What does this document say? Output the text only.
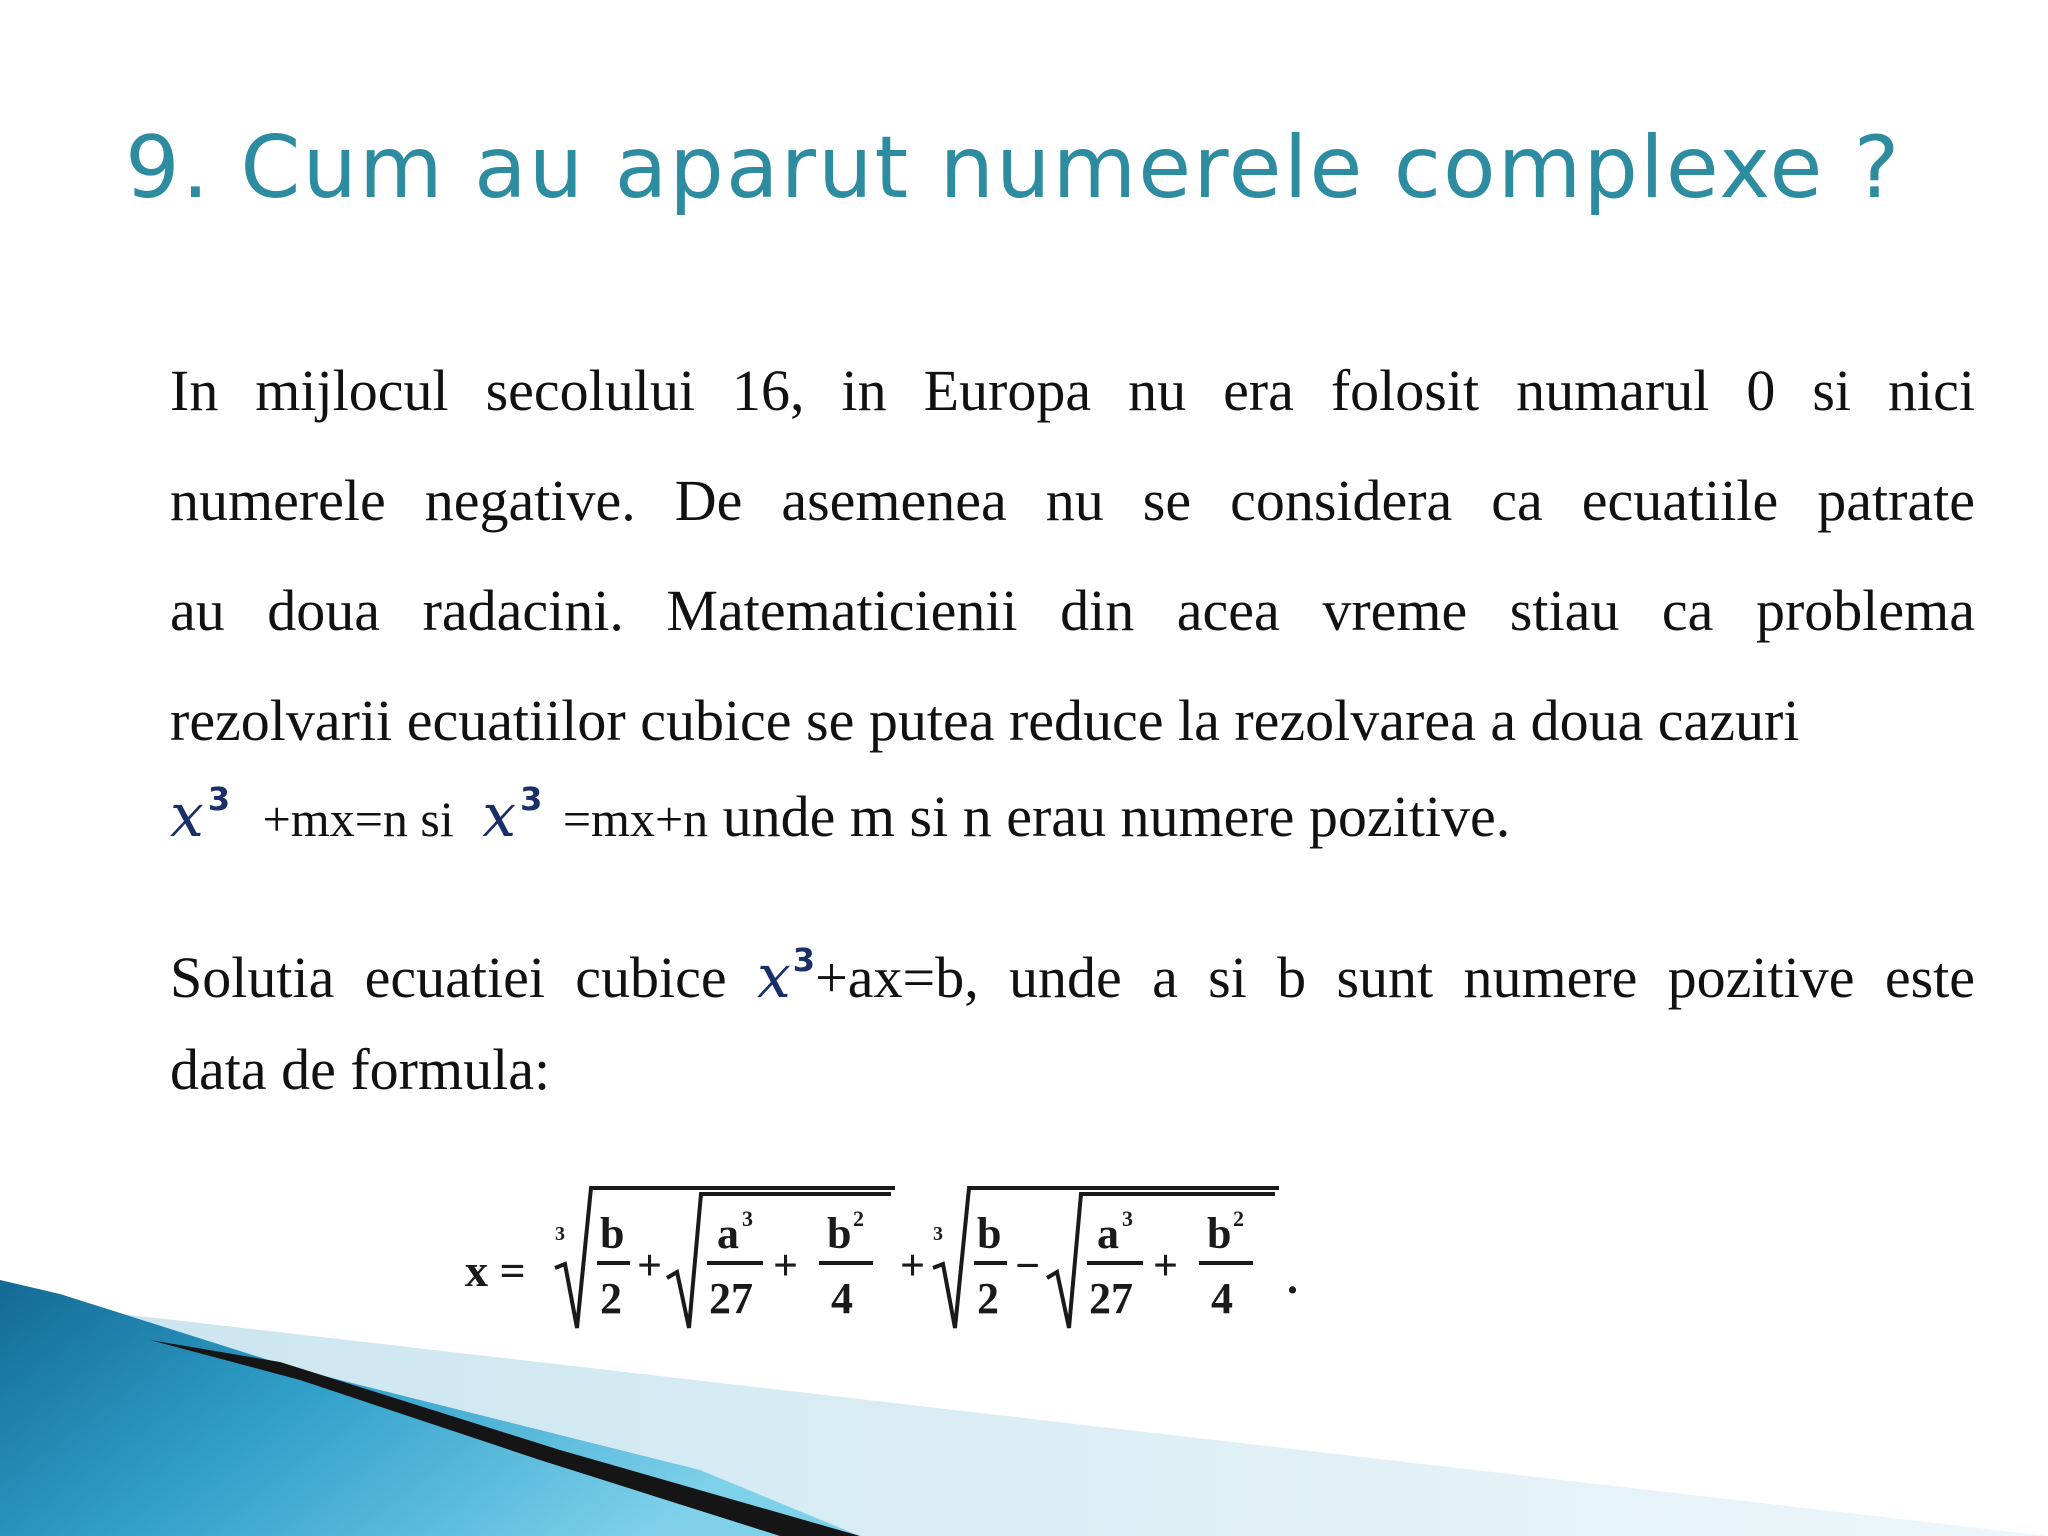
9. Cum au aparut numerele complexe ?
In mijlocul secolului 16, in Europa nu era folosit numarul 0 si nici
numerele negative. De asemenea nu se considera ca ecuatiile patrate
au doua radacini. Matematicienii din acea vreme stiau ca problema
rezolvarii ecuatiilor cubice se putea reduce la rezolvarea a doua cazuri
x $^3$ +mx=n si x $^3$ =mx+n unde m si n erau numere pozitive.
Solutia ecuatiei cubice $x^3+ax=b$, unde a si b sunt numere pozitive este
data de formula:
x =
3 b
2
+
a 3
27
+
b 2
4
+
3 b
2
−
a 3
27
+
b 2
4 .
